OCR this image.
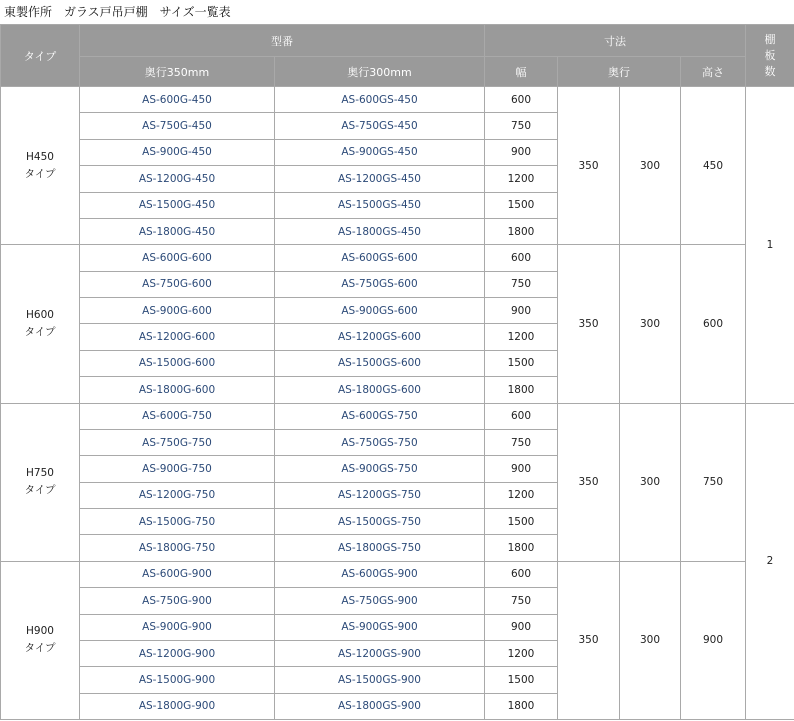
東製作所　ガラス戸吊戸棚　サイズ一覧表
タイプ	型番		寸法				棚
板
数
	奥行350mm	奥行300mm	幅	奥行		高さ	
H450
タイプ	AS-600G-450	AS-600GS-450	600	350	300	450	1
	AS-750G-450	AS-750GS-450	750				
	AS-900G-450	AS-900GS-450	900				
	AS-1200G-450	AS-1200GS-450	1200				
	AS-1500G-450	AS-1500GS-450	1500				
	AS-1800G-450	AS-1800GS-450	1800				
H600
タイプ	AS-600G-600	AS-600GS-600	600	350	300	600	
	AS-750G-600	AS-750GS-600	750				
	AS-900G-600	AS-900GS-600	900				
	AS-1200G-600	AS-1200GS-600	1200				
	AS-1500G-600	AS-1500GS-600	1500				
	AS-1800G-600	AS-1800GS-600	1800				
H750
タイプ	AS-600G-750	AS-600GS-750	600	350	300	750	2
	AS-750G-750	AS-750GS-750	750				
	AS-900G-750	AS-900GS-750	900				
	AS-1200G-750	AS-1200GS-750	1200				
	AS-1500G-750	AS-1500GS-750	1500				
	AS-1800G-750	AS-1800GS-750	1800				
H900
タイプ	AS-600G-900	AS-600GS-900	600	350	300	900	
	AS-750G-900	AS-750GS-900	750				
	AS-900G-900	AS-900GS-900	900				
	AS-1200G-900	AS-1200GS-900	1200				
	AS-1500G-900	AS-1500GS-900	1500				
	AS-1800G-900	AS-1800GS-900	1800				
